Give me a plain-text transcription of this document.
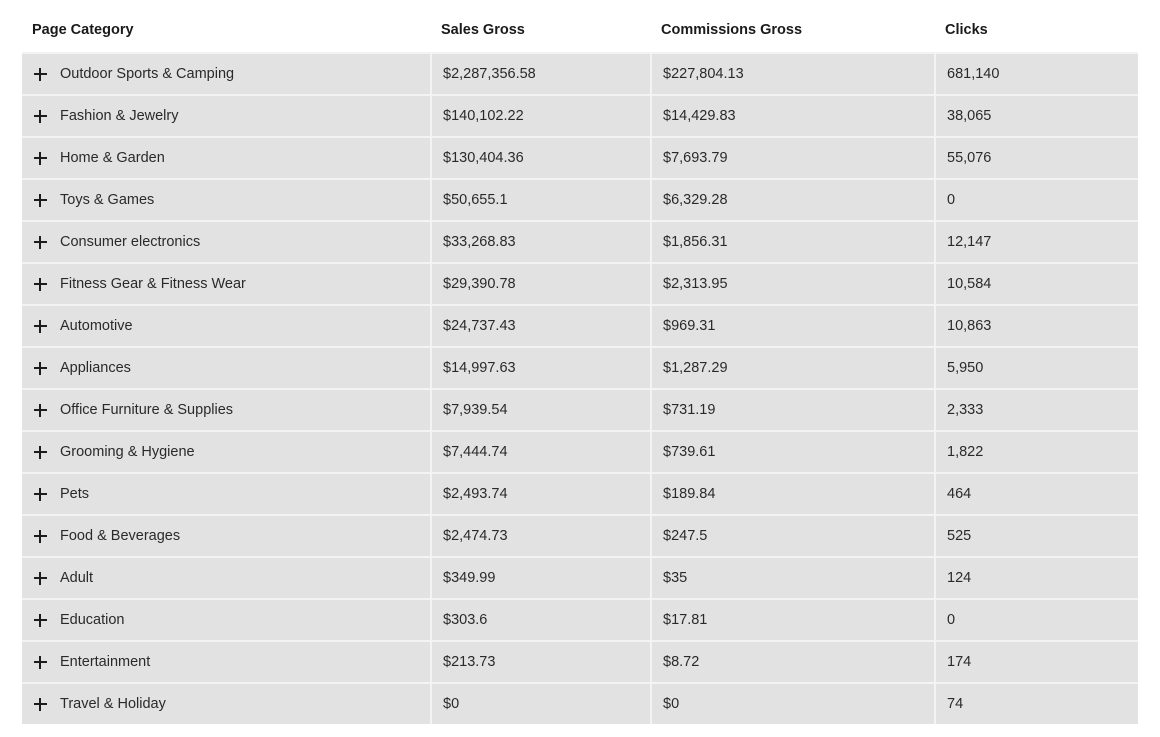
Page Category	Sales Gross	Commissions Gross	Clicks

Outdoor Sports & Camping	$2,287,356.58	$227,804.13	681,140

Fashion & Jewelry	$140,102.22	$14,429.83	38,065

Home & Garden	$130,404.36	$7,693.79	55,076

Toys & Games	$50,655.1	$6,329.28	0

Consumer electronics	$33,268.83	$1,856.31	12,147

Fitness Gear & Fitness Wear	$29,390.78	$2,313.95	10,584

Automotive	$24,737.43	$969.31	10,863

Appliances	$14,997.63	$1,287.29	5,950

Office Furniture & Supplies	$7,939.54	$731.19	2,333

Grooming & Hygiene	$7,444.74	$739.61	1,822

Pets	$2,493.74	$189.84	464

Food & Beverages	$2,474.73	$247.5	525

Adult	$349.99	$35	124

Education	$303.6	$17.81	0

Entertainment	$213.73	$8.72	174

Travel & Holiday	$0	$0	74
